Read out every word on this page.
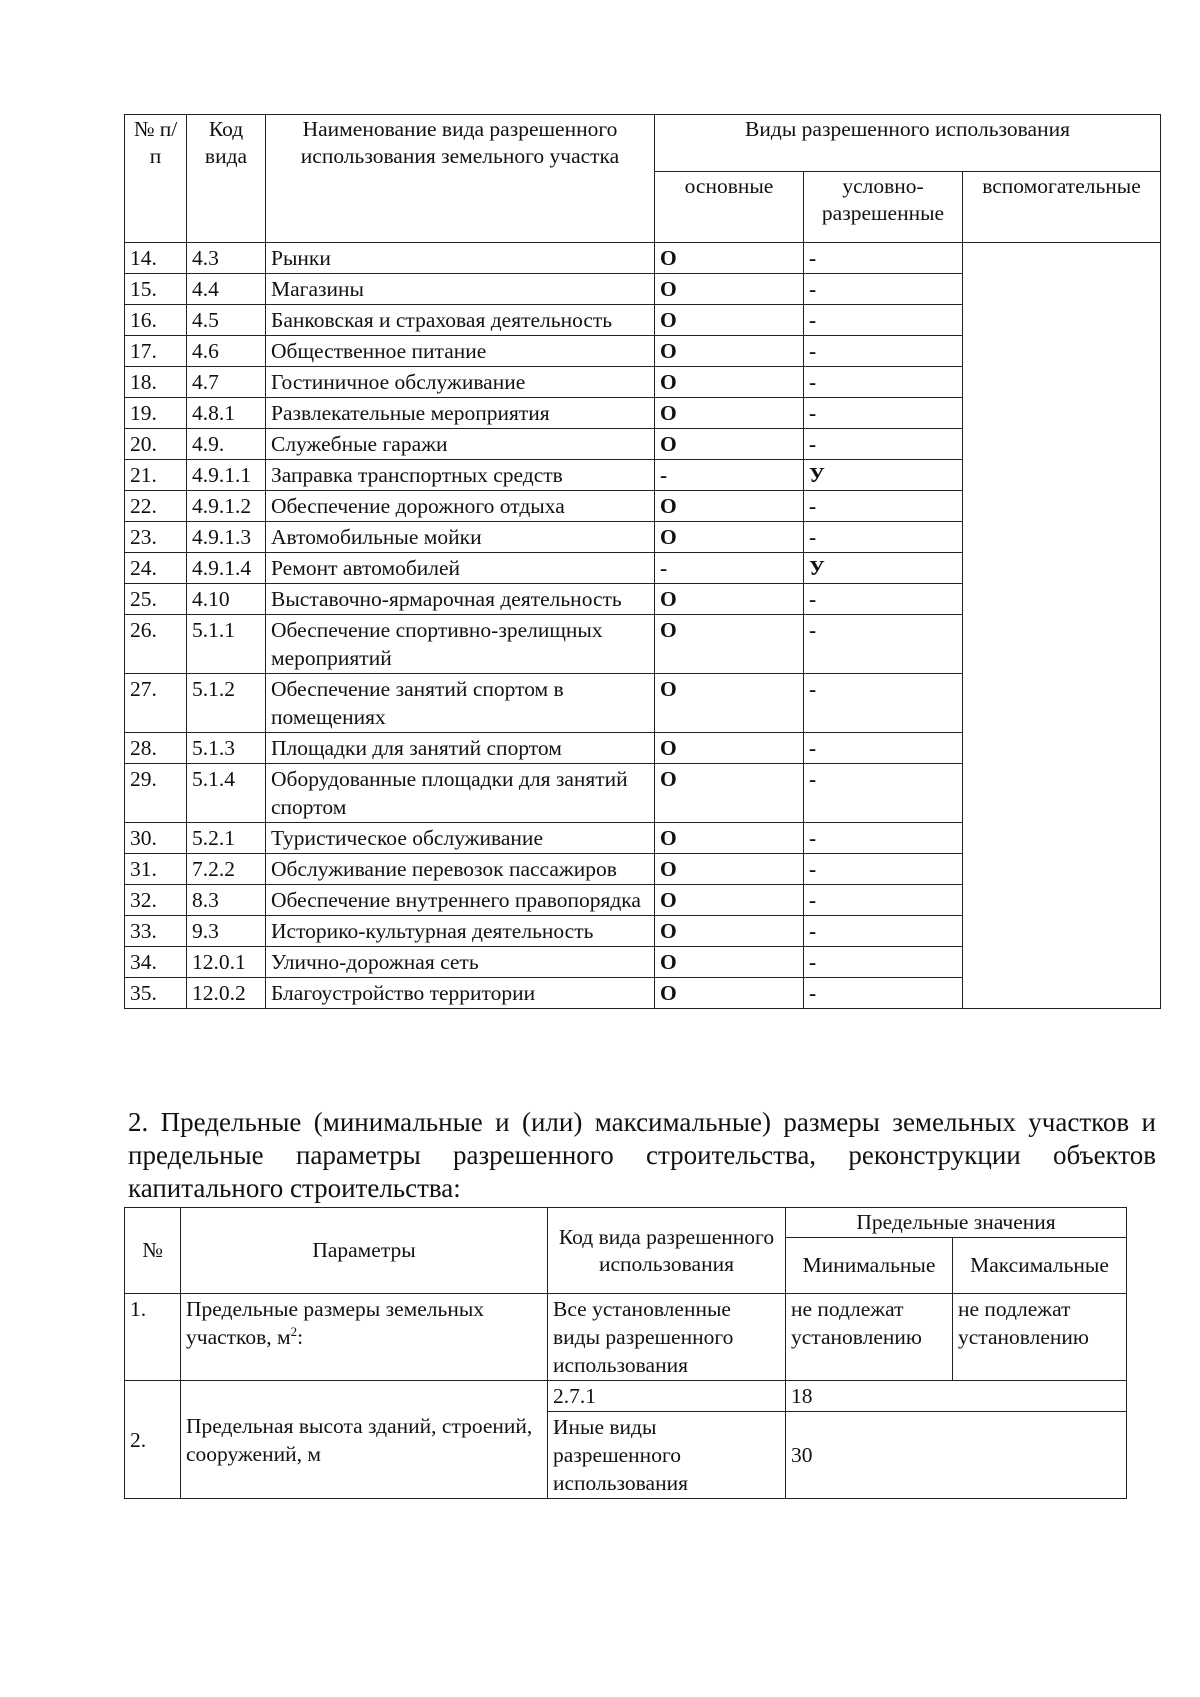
№ п/п	Код вида	Наименование вида разрешенного использования земельного участка	Виды разрешенного использования		
			основные	условно-разрешенные	вспомогательные
14.	4.3	Рынки	О	-	
15.	4.4	Магазины	О	-	
16.	4.5	Банковская и страховая деятельность	О	-	
17.	4.6	Общественное питание	О	-	
18.	4.7	Гостиничное обслуживание	О	-	
19.	4.8.1	Развлекательные мероприятия	О	-	
20.	4.9.	Служебные гаражи	О	-	
21.	4.9.1.1	Заправка транспортных средств	-	У	
22.	4.9.1.2	Обеспечение дорожного отдыха	О	-	
23.	4.9.1.3	Автомобильные мойки	О	-	
24.	4.9.1.4	Ремонт автомобилей	-	У	
25.	4.10	Выставочно-ярмарочная деятельность	О	-	
26.	5.1.1	Обеспечение спортивно-зрелищных мероприятий	О	-	
27.	5.1.2	Обеспечение занятий спортом в помещениях	О	-	
28.	5.1.3	Площадки для занятий спортом	О	-	
29.	5.1.4	Оборудованные площадки для занятий спортом	О	-	
30.	5.2.1	Туристическое обслуживание	О	-	
31.	7.2.2	Обслуживание перевозок пассажиров	О	-	
32.	8.3	Обеспечение внутреннего правопорядка	О	-	
33.	9.3	Историко-культурная деятельность	О	-	
34.	12.0.1	Улично-дорожная сеть	О	-	
35.	12.0.2	Благоустройство территории	О	-	

2. Предельные (минимальные и (или) максимальные) размеры земельных участков и предельные параметры разрешенного строительства, реконструкции объектов капитального строительства:

№	Параметры	Код вида разрешенного использования	Предельные значения	
			Минимальные	Максимальные
1.	Предельные размеры земельных участков, $м^2$:	Все установленные виды разрешенного использования	не подлежат установлению	не подлежат установлению
2.	Предельная высота зданий, строений, сооружений, м	2.7.1	18	
		Иные виды разрешенного использования	30	
